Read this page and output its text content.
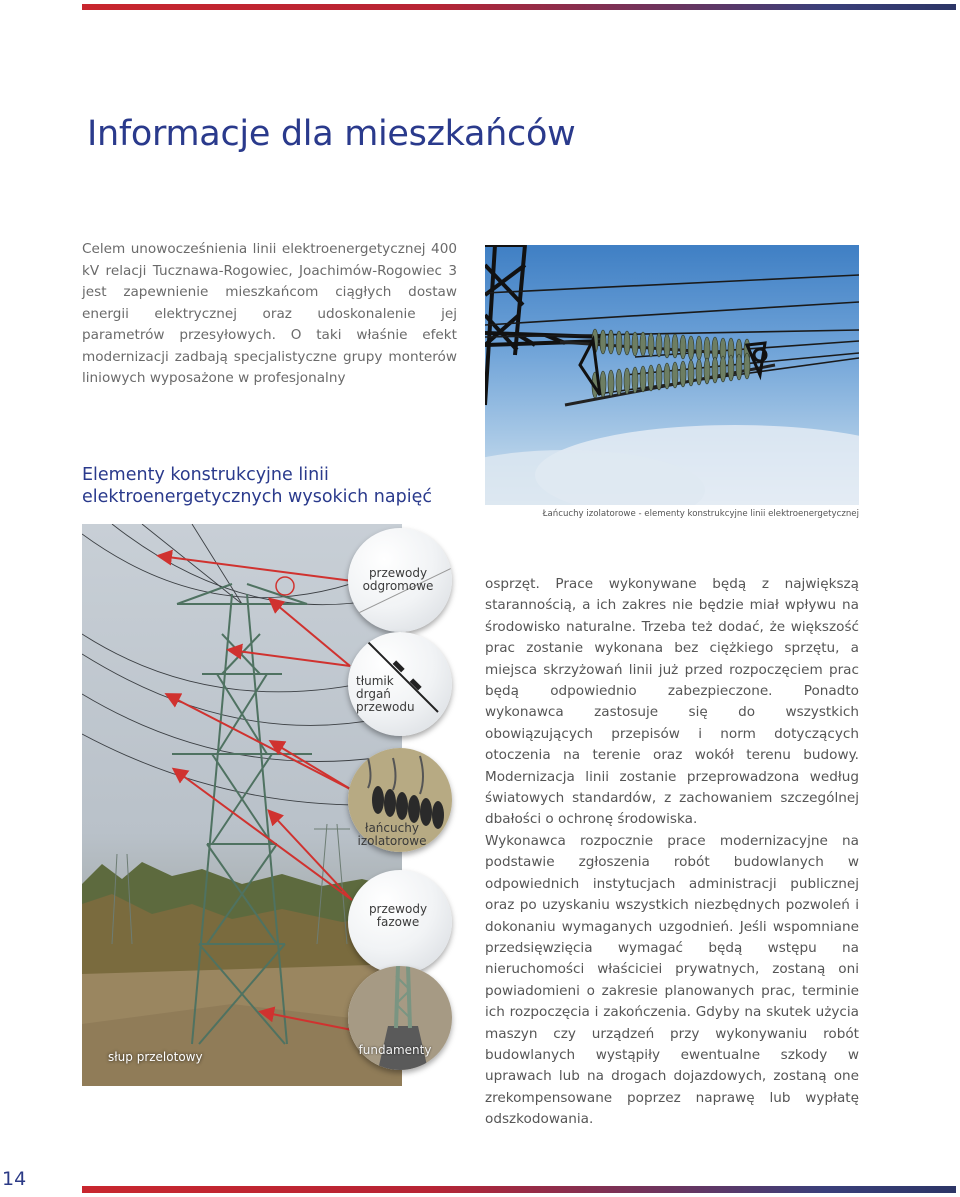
Informacje dla mieszkańców

Celem unowocześnienia linii elektroenergetycznej 400 kV relacji Tucznawa-Rogowiec, Joachimów-Rogowiec 3 jest zapewnienie mieszkańcom ciągłych dostaw energii elektrycznej oraz udoskonalenie jej parametrów przesyłowych. O taki właśnie efekt modernizacji zadbają specjalistyczne grupy monterów liniowych wyposażone w profesjonalny

Elementy konstrukcyjne linii elektroenergetycznych wysokich napięć
Łańcuchy izolatorowe - elementy konstrukcyjne linii elektroenergetycznej
słup przelotowy
przewody
odgromowe
tłumik
drgań
przewodu
łańcuchy
izolatorowe
przewody
fazowe
fundamenty

osprzęt. Prace wykonywane będą z największą starannością, a ich zakres nie będzie miał wpływu na środowisko naturalne. Trzeba też dodać, że większość prac zostanie wykonana bez ciężkiego sprzętu, a miejsca skrzyżowań linii już przed rozpoczęciem prac będą odpowiednio zabezpieczone. Ponadto wykonawca zastosuje się do wszystkich obowiązujących przepisów i norm dotyczących otoczenia na terenie oraz wokół terenu budowy. Modernizacja linii zostanie przeprowadzona według światowych standardów, z zachowaniem szczególnej dbałości o ochronę środowiska.

Wykonawca rozpocznie prace modernizacyjne na podstawie zgłoszenia robót budowlanych w odpowiednich instytucjach administracji publicznej oraz po uzyskaniu wszystkich niezbędnych pozwoleń i dokonaniu wymaganych uzgodnień. Jeśli wspomniane przedsięwzięcia wymagać będą wstępu na nieruchomości właściciei prywatnych, zostaną oni powiadomieni o zakresie planowanych prac, terminie ich rozpoczęcia i zakończenia. Gdyby na skutek użycia maszyn czy urządzeń przy wykonywaniu robót budowlanych wystąpiły ewentualne szkody w uprawach lub na drogach dojazdowych, zostaną one zrekompensowane poprzez naprawę lub wypłatę odszkodowania.

14
